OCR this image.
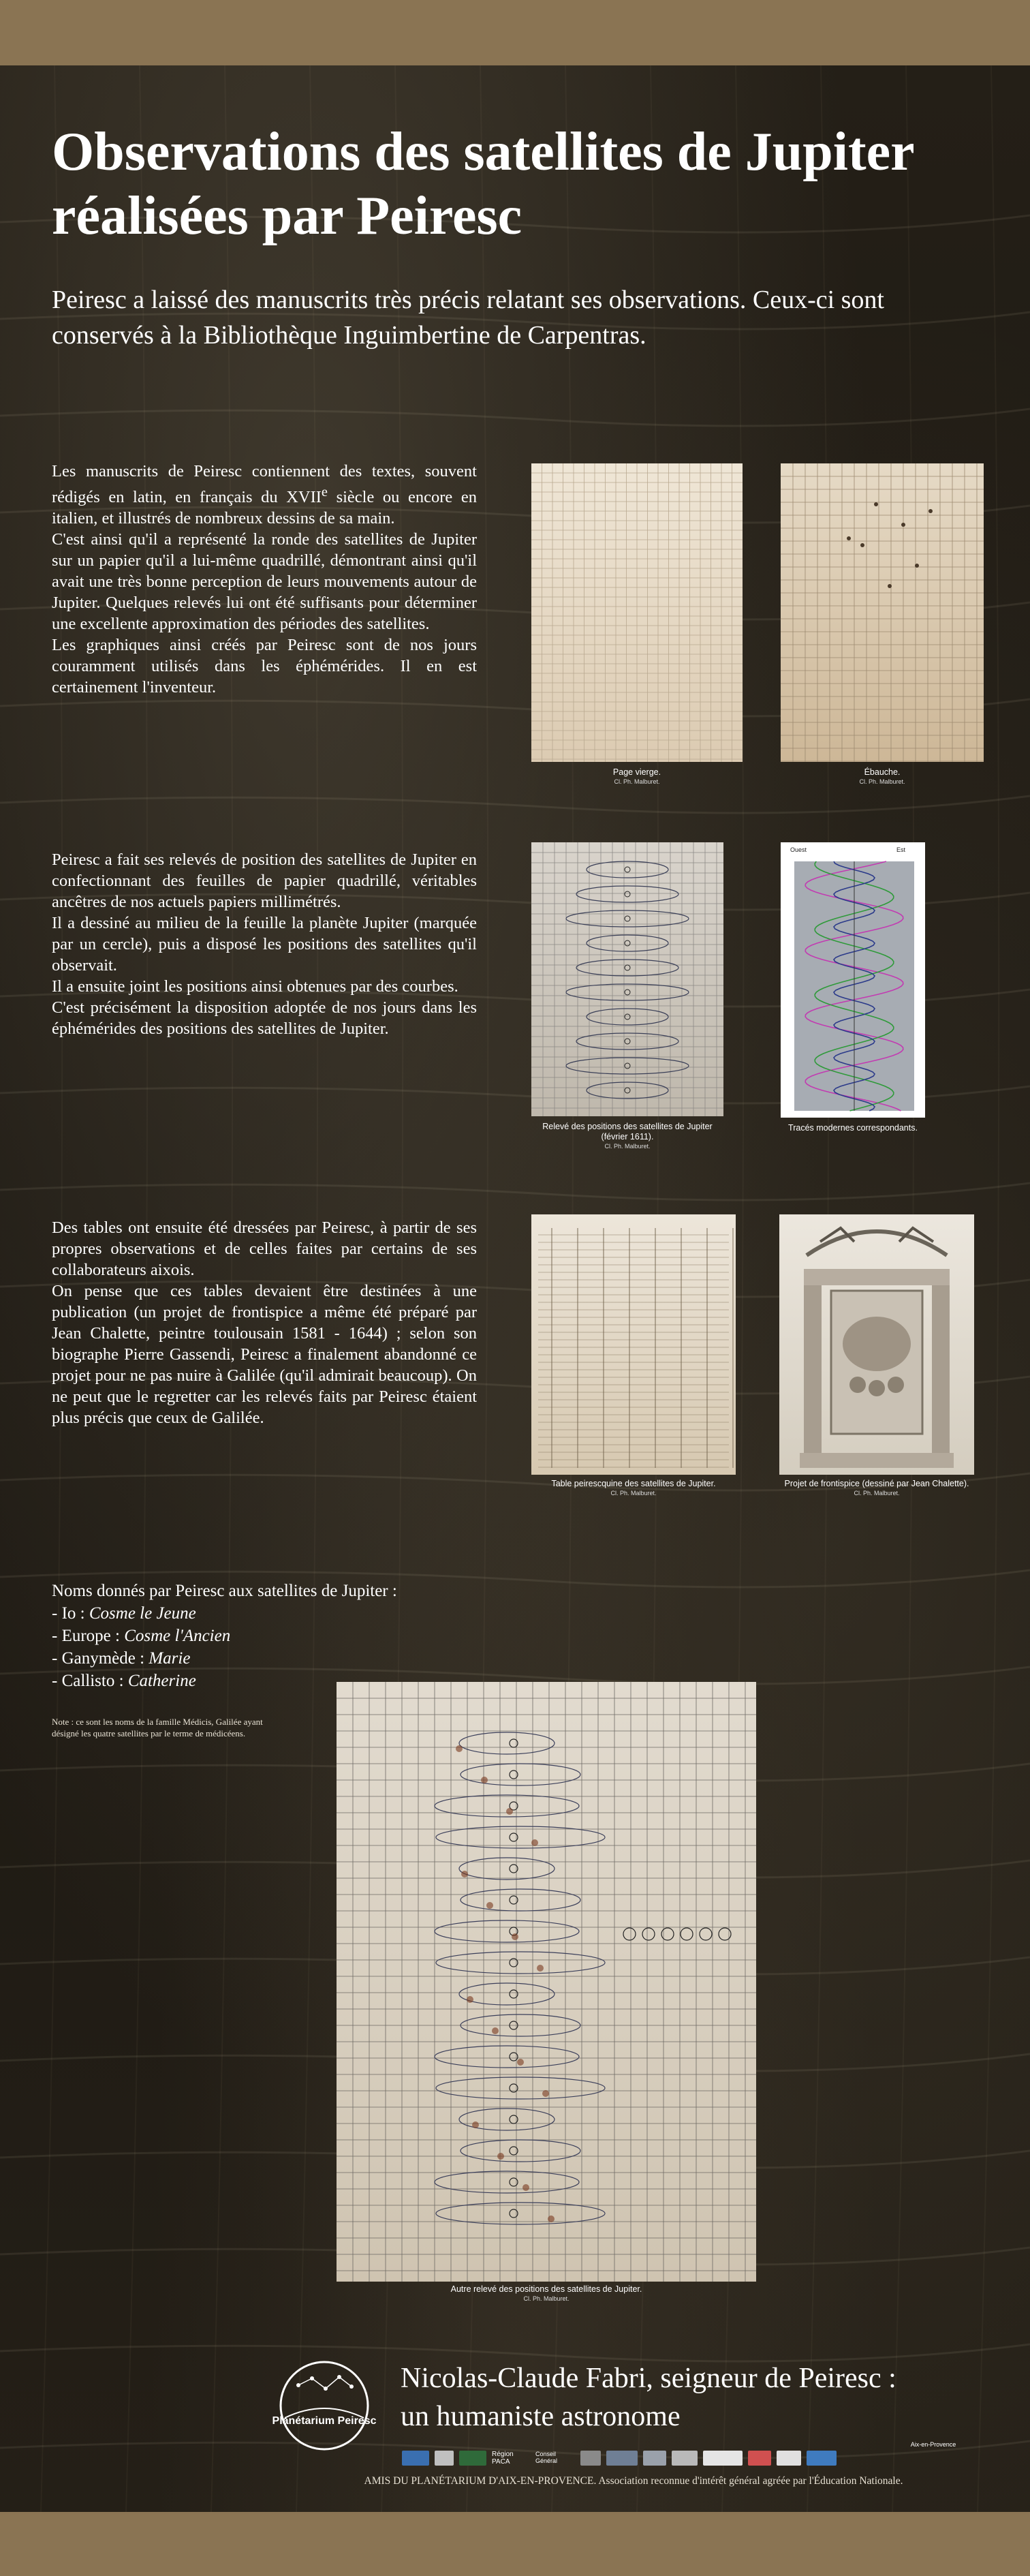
Observations des satellites de Jupiter réalisées par Peiresc

Peiresc a laissé des manuscrits très précis relatant ses observations. Ceux-ci sont conservés à la Bibliothèque Inguimbertine de Carpentras.

Les manuscrits de Peiresc contiennent des textes, souvent rédigés en latin, en français du XVIIe siècle ou encore en italien, et illustrés de nombreux dessins de sa main.

C'est ainsi qu'il a représenté la ronde des satellites de Jupiter sur un papier qu'il a lui-même quadrillé, démontrant ainsi qu'il avait une très bonne perception de leurs mouvements autour de Jupiter. Quelques relevés lui ont été suffisants pour déterminer une excellente approximation des périodes des satellites.

Les graphiques ainsi créés par Peiresc sont de nos jours couramment utilisés dans les éphémérides. Il en est certainement l'inventeur.

Page vierge.
Cl. Ph. Malburet.
Ébauche.
Cl. Ph. Malburet.

Peiresc a fait ses relevés de position des satellites de Jupiter en confectionnant des feuilles de papier quadrillé, véritables ancêtres de nos actuels papiers millimétrés.

Il a dessiné au milieu de la feuille la planète Jupiter (marquée par un cercle), puis a disposé les positions des satellites qu'il observait.

Il a ensuite joint les positions ainsi obtenues par des courbes.

C'est précisément la disposition adoptée de nos jours dans les éphémérides des positions des satellites de Jupiter.

Relevé des positions des satellites de Jupiter (février 1611).
Cl. Ph. Malburet.
Ouest	Est
Tracés modernes correspondants.

Des tables ont ensuite été dressées par Peiresc, à partir de ses propres observations et de celles faites par certains de ses collaborateurs aixois.

On pense que ces tables devaient être destinées à une publication (un projet de frontispice a même été préparé par Jean Chalette, peintre toulousain 1581 - 1644) ; selon son biographe Pierre Gassendi, Peiresc a finalement abandonné ce projet pour ne pas nuire à Galilée (qu'il admirait beaucoup). On ne peut que le regretter car les relevés faits par Peiresc étaient plus précis que ceux de Galilée.

Table peirescquine des satellites de Jupiter.
Cl. Ph. Malburet.
Projet de frontispice (dessiné par Jean Chalette).
Cl. Ph. Malburet.
Noms donnés par Peiresc aux satellites de Jupiter :
- Io : Cosme le Jeune
- Europe : Cosme l'Ancien
- Ganymède : Marie
- Callisto : Catherine
Note : ce sont les noms de la famille Médicis, Galilée ayant désigné les quatre satellites par le terme de médicéens.
Autre relevé des positions des satellites de Jupiter.
Cl. Ph. Malburet.
Planétarium Peiresc
Nicolas-Claude Fabri, seigneur de Peiresc :
un humaniste astronome
Région PACA
Conseil Général
Aix-en-Provence
AMIS DU PLANÉTARIUM D'AIX-EN-PROVENCE. Association reconnue d'intérêt général agréée par l'Éducation Nationale.
